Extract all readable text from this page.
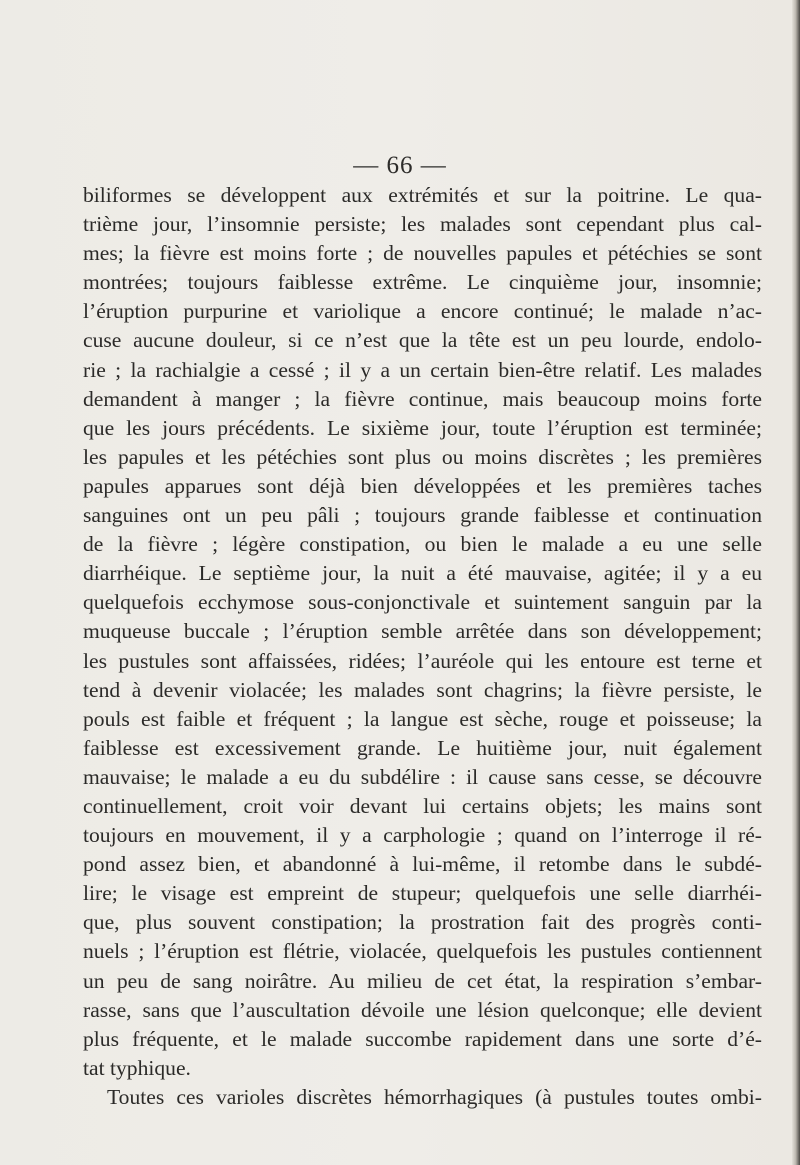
— 66 —
biliformes se développent aux extrémités et sur la poitrine. Le qua-
trième jour, l’insomnie persiste; les malades sont cependant plus cal-
mes; la fièvre est moins forte ; de nouvelles papules et pétéchies se sont
montrées; toujours faiblesse extrême. Le cinquième jour, insomnie;
l’éruption purpurine et variolique a encore continué; le malade n’ac-
cuse aucune douleur, si ce n’est que la tête est un peu lourde, endolo-
rie ; la rachialgie a cessé ; il y a un certain bien-être relatif. Les malades
demandent à manger ; la fièvre continue, mais beaucoup moins forte
que les jours précédents. Le sixième jour, toute l’éruption est terminée;
les papules et les pétéchies sont plus ou moins discrètes ; les premières
papules apparues sont déjà bien développées et les premières taches
sanguines ont un peu pâli ; toujours grande faiblesse et continuation
de la fièvre ; légère constipation, ou bien le malade a eu une selle
diarrhéique. Le septième jour, la nuit a été mauvaise, agitée; il y a eu
quelquefois ecchymose sous-conjonctivale et suintement sanguin par la
muqueuse buccale ; l’éruption semble arrêtée dans son développement;
les pustules sont affaissées, ridées; l’auréole qui les entoure est terne et
tend à devenir violacée; les malades sont chagrins; la fièvre persiste, le
pouls est faible et fréquent ; la langue est sèche, rouge et poisseuse; la
faiblesse est excessivement grande. Le huitième jour, nuit également
mauvaise; le malade a eu du subdélire : il cause sans cesse, se découvre
continuellement, croit voir devant lui certains objets; les mains sont
toujours en mouvement, il y a carphologie ; quand on l’interroge il ré-
pond assez bien, et abandonné à lui-même, il retombe dans le subdé-
lire; le visage est empreint de stupeur; quelquefois une selle diarrhéi-
que, plus souvent constipation; la prostration fait des progrès conti-
nuels ; l’éruption est flétrie, violacée, quelquefois les pustules contiennent
un peu de sang noirâtre. Au milieu de cet état, la respiration s’embar-
rasse, sans que l’auscultation dévoile une lésion quelconque; elle devient
plus fréquente, et le malade succombe rapidement dans une sorte d’é-
tat typhique.
Toutes ces varioles discrètes hémorrhagiques (à pustules toutes ombi-
